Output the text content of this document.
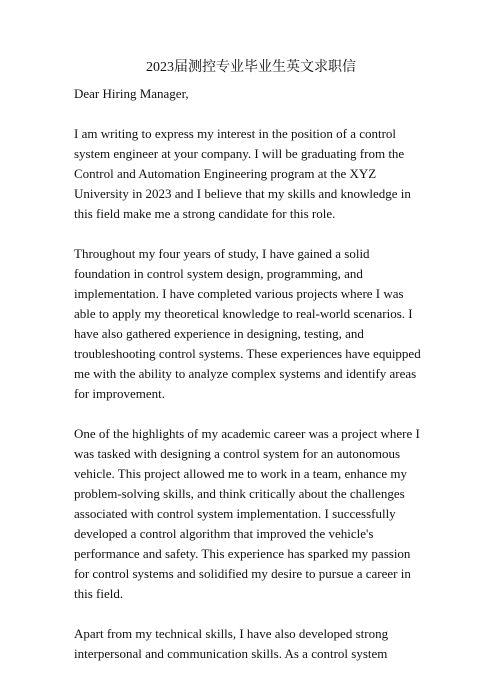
2023届测控专业毕业生英文求职信

Dear Hiring Manager,

I am writing to express my interest in the position of a control
system engineer at your company. I will be graduating from the
Control and Automation Engineering program at the XYZ
University in 2023 and I believe that my skills and knowledge in
this field make me a strong candidate for this role.

Throughout my four years of study, I have gained a solid
foundation in control system design, programming, and
implementation. I have completed various projects where I was
able to apply my theoretical knowledge to real-world scenarios. I
have also gathered experience in designing, testing, and
troubleshooting control systems. These experiences have equipped
me with the ability to analyze complex systems and identify areas
for improvement.

One of the highlights of my academic career was a project where I
was tasked with designing a control system for an autonomous
vehicle. This project allowed me to work in a team, enhance my
problem-solving skills, and think critically about the challenges
associated with control system implementation. I successfully
developed a control algorithm that improved the vehicle's
performance and safety. This experience has sparked my passion
for control systems and solidified my desire to pursue a career in
this field.

Apart from my technical skills, I have also developed strong
interpersonal and communication skills. As a control system
